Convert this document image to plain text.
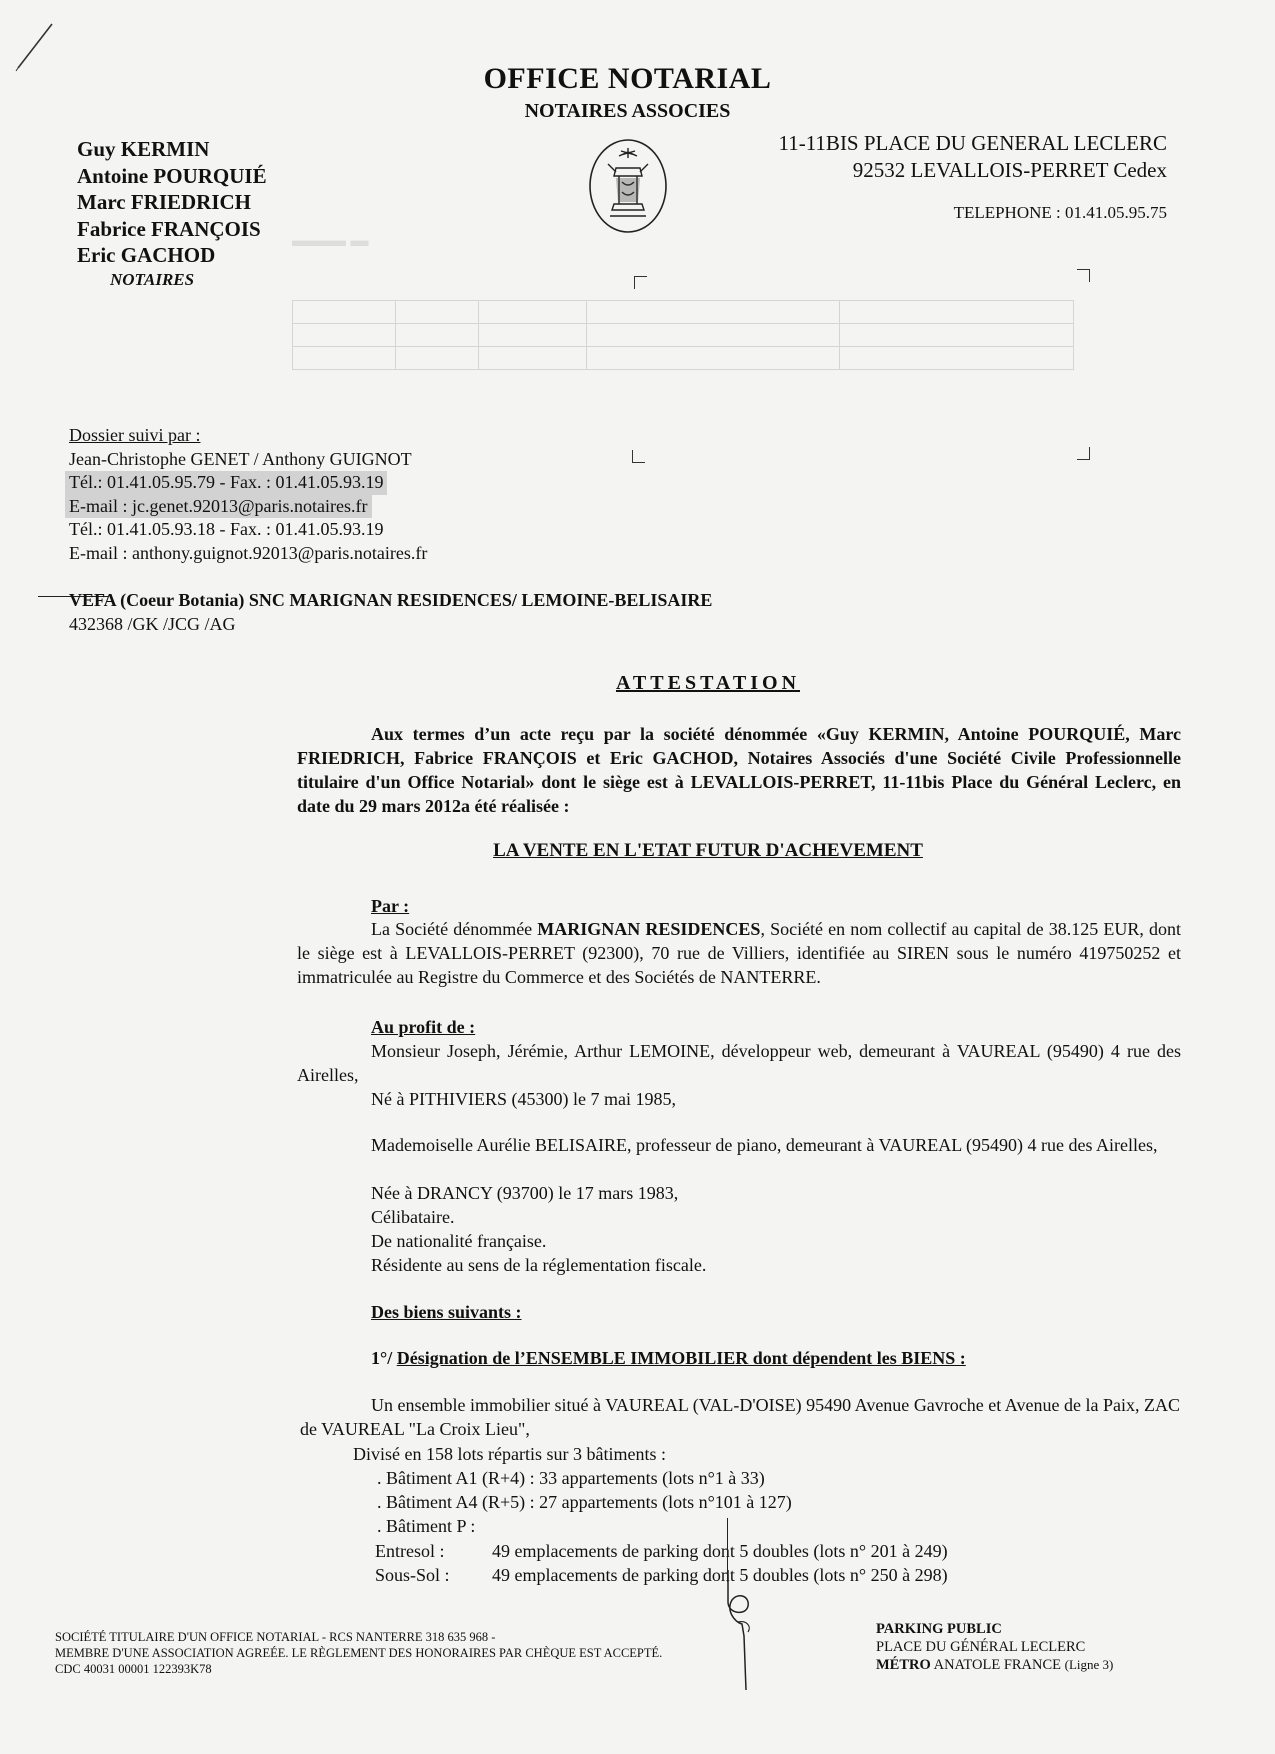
OFFICE NOTARIAL
NOTAIRES ASSOCIES
Guy KERMIN
Antoine POURQUIÉ
Marc FRIEDRICH
Fabrice FRANÇOIS
Eric GACHOD
NOTAIRES
11-11BIS PLACE DU GENERAL LECLERC
92532 LEVALLOIS-PERRET Cedex
TELEPHONE : 01.41.05.95.75
▬▬▬ ▬

Dossier suivi par :
Jean-Christophe GENET / Anthony GUIGNOT
Tél.: 01.41.05.95.79 - Fax. : 01.41.05.93.19
E-mail : jc.genet.92013@paris.notaires.fr
Tél.: 01.41.05.93.18 - Fax. : 01.41.05.93.19
E-mail : anthony.guignot.92013@paris.notaires.fr
VEFA (Coeur Botania) SNC MARIGNAN RESIDENCES/ LEMOINE-BELISAIRE
432368 /GK /JCG /AG
ATTESTATION
Aux termes d’un acte reçu par la société dénommée «Guy KERMIN, Antoine POURQUIÉ, Marc FRIEDRICH, Fabrice FRANÇOIS et Eric GACHOD, Notaires Associés d'une Société Civile Professionnelle titulaire d'un Office Notarial» dont le siège est à LEVALLOIS-PERRET, 11-11bis Place du Général Leclerc, en date du 29 mars 2012a été réalisée :
LA VENTE EN L'ETAT FUTUR D'ACHEVEMENT
Par :
La Société dénommée MARIGNAN RESIDENCES, Société en nom collectif au capital de 38.125 EUR, dont le siège est à LEVALLOIS-PERRET (92300), 70 rue de Villiers, identifiée au SIREN sous le numéro 419750252 et immatriculée au Registre du Commerce et des Sociétés de NANTERRE.
Au profit de :
Monsieur Joseph, Jérémie, Arthur LEMOINE, développeur web, demeurant à VAUREAL (95490) 4 rue des Airelles,
Né à PITHIVIERS (45300) le 7 mai 1985,
Mademoiselle Aurélie BELISAIRE, professeur de piano, demeurant à VAUREAL (95490) 4 rue des Airelles,
Née à DRANCY (93700) le 17 mars 1983,
Célibataire.
De nationalité française.
Résidente au sens de la réglementation fiscale.
Des biens suivants :
1°/ Désignation de l’ENSEMBLE IMMOBILIER dont dépendent les BIENS :
Un ensemble immobilier situé à VAUREAL (VAL-D'OISE) 95490 Avenue Gavroche et Avenue de la Paix, ZAC de VAUREAL "La Croix Lieu",
Divisé en 158 lots répartis sur 3 bâtiments :
. Bâtiment A1 (R+4) : 33 appartements (lots n°1 à 33)
. Bâtiment A4 (R+5) : 27 appartements (lots n°101 à 127)
. Bâtiment P :
Entresol :	49 emplacements de parking dont 5 doubles (lots n° 201 à 249)
Sous-Sol : 49 emplacements de parking dont 5 doubles (lots n° 250 à 298)
SOCIÉTÉ TITULAIRE D'UN OFFICE NOTARIAL - RCS NANTERRE 318 635 968 -
MEMBRE D'UNE ASSOCIATION AGREÉE. LE RÈGLEMENT DES HONORAIRES PAR CHÈQUE EST ACCEPTÉ.
CDC 40031 00001 122393K78
PARKING PUBLIC
PLACE DU GÉNÉRAL LECLERC
MÉTRO ANATOLE FRANCE (Ligne 3)
